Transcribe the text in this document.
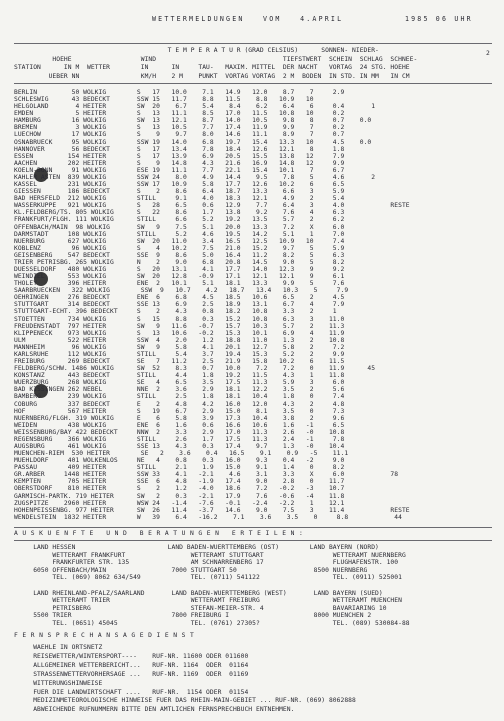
WETTERMELDUNGEN   VOM   4.APRIL          1985 06 UHR
2
T E M P E R A T U R (GRAD CELSIUS)      SONNEN- NIEDER-
HOEHE                  WIND                                 TIEFSTWERT  SCHEIN  SCHLAG  SCHNEE-
STATION      IN M  WETTER        IN      IN     TAU-   MAXIM. MITTEL  DER NACHT   VORTAG  24 STG. HOEHE
UEBER NN                KM/H    2 M    PUNKT  VORTAG VORTAG  2 M  BODEN  IN STD. IN MM   IN CM
BERLIN         50 WOLKIG        S   17   10.0    7.1   14.9   12.0    8.7    7     2.9
SCHLESWIG      43 BEDECKT       SSW 15   11.7    8.8   11.5    8.8   10.9   10
HELGOLAND       4 HEITER        SW  20    6.7    5.4    8.4    6.2    6.4    6     0.4       1
EMDEN           5 HEITER        S   13   11.1    8.5   17.0   11.5   10.8   10     0.2
HAMBURG        16 WOLKIG        SW  13   12.1    8.7   14.0   10.5    9.8    8     0.7    0.0
BREMEN          3 WOLKIG        S   13   10.5    7.7   17.4   11.9    9.9    7     0.2
LUECHOW        17 WOLKIG        S    9    9.7    8.0   14.6   11.1    8.9    7     0.7
OSNABRUECK     95 WOLKIG        SSW 19   14.0    6.8   19.7   15.4   13.3   10     4.5    0.0
HANNOVER       56 BEDECKT       S   17   13.4    7.8   18.4   12.6   12.1    8     1.8
ESSEN         154 HEITER        S   17   13.9    6.9   20.5   15.5   13.8   12     7.9
AACHEN        202 HEITER        S    9   14.8    4.3   21.6   16.9   14.8   12     9.9
KOELN-BONN     91 WOLKIG        ESE 19   11.1    7.7   22.1   15.4   10.1    7     6.7
KAHLER ASTEN  839 WOLKIG        SSW 24    8.0    4.9   14.4    9.5    7.8    5     4.6       2
KASSEL        231 WOLKIG        SSW 17   10.9    5.8   17.7   12.6   10.2    6     6.5
GIESSEN       186 BEDECKT       S    2    8.6    6.4   18.7   13.3    6.6    3     5.9
BAD HERSFELD  212 WOLKIG        STILL     9.1    4.0   18.3   12.1    4.9    2     5.4
WASSERKUPPE   921 WOLKIG        S   28    6.5    0.6   12.9    7.7    6.4    3     4.0            RESTE
KL.FELDBERG/TS. 805 WOLKIG      S   22    8.6    1.7   13.8    9.2    7.6    4     6.3
FRANKFURT/FLGH. 111 WOLKIG      STILL     6.6    5.2   19.2   13.5    5.7    2     6.2
OFFENBACH/MAIN  98 WOLKIG       SW   9    7.5    5.1   20.0   13.3    7.2    X     6.0
DARMSTADT     108 WOLKIG        STILL     5.2    4.6   19.5   14.2    5.1    1     7.0
NUERBURG      627 WOLKIG        SW  20   11.0    3.4   16.5   12.5   10.9   10     7.4
KOBLENZ        96 WOLKIG        S    4   10.2    7.5   21.0   15.2    9.7    5     5.9
GEISENBERG    547 BEDECKT       SSE  9    8.6    5.0   16.4   11.2    8.2    5     6.3
TRIER PETRISBG. 265 WOLKIG      N    2    9.0    6.8   20.8   14.5    9.0    5     8.2
DUESSELDORF   480 WOLKIG        S   20   13.1    4.1   17.7   14.0   12.3    9     9.2
WEINDIEL      553 WOLKIG        SW  20   12.8   -0.9   17.1   12.1   12.1    9     6.1
THOLEY        396 HEITER        ENE  2   10.1    5.1   18.1   13.3    9.9    5     7.6
SAARBRUECKEN   322 WOLKIG        SSW  9   10.7    4.2   18.7   13.4   10.3    5     7.9
OEHRINGEN     276 BEDECKT       ENE  6    6.8    4.5   18.5   10.6    6.5    2     4.5
STUTTGART     314 BEDECKT       SSE 13    6.9    2.5   18.9   13.1    6.7    4     7.9
STUTTGART-ECHT. 396 BEDECKT     S    2    4.3    0.8   18.2   10.8    3.3    2     1
STOETTEN      734 WOLKIG        S   15    8.8    0.3   15.2   10.8    6.3    3    11.0
FREUDENSTADT  797 HEITER        SW   9   11.6   -0.7   15.7   10.3    5.7    2    11.3
KLIPPENECK    973 WOLKIG        S   13   10.6   -0.2   15.3   10.1    6.9    4    11.9
ULM           522 HEITER        SSW  4    2.0    1.2   18.8   11.0    1.3    2    10.8
MANNHEIM       96 WOLKIG        SW   9    5.8    4.1   20.1   12.7    5.8    2     7.2
KARLSRUHE     112 WOLKIG        STILL     5.4    3.7   19.4   15.3    5.2    2     9.9
FREIBURG      269 BEDECKT       SE   7   11.2    2.5   21.9   15.8   10.2    6    11.5
FELDBERG/SCHW. 1486 WOLKIG      SW  52    8.3    0.7   10.0    7.2    7.2    0    11.9      45
KONSTANZ      443 BEDECKT       STILL     4.4    1.8   19.2   11.5    4.3    1    11.8
WUERZBURG     268 WOLKIG        SE   4    6.5    3.5   17.5   11.3    5.9    3     6.0
BAD KISSINGEN 262 NEBEL         NNE  2    3.6    2.9   18.1   12.2    3.5    2     5.6
BAMBERG       239 WOLKIG        STILL     2.5    1.8   18.1   10.4    1.8    0     7.4
COBURG        337 BEDECKT       E    2    4.8    4.2   16.0   12.0    4.3    2     4.8
HOF           567 HEITER        S   19    6.7    2.9   15.0    8.1    3.5    0     7.3
NUERNBERG/FLGH. 319 WOLKIG      E    6    5.8    3.9   17.3   10.4    3.8    2     9.6
WEIDEN        438 WOLKIG        ENE  6    1.6    0.6   16.6   10.6    1.6   -1     6.5
WEISSENBURG/BAY 422 BEDECKT     NNW  2    3.3    2.9   17.0   11.3    2.6   -0    10.8
REGENSBURG    366 WOLKIG        STILL     2.6    1.7   17.5   11.3    2.4   -1     7.8
AUGSBURG      461 WOLKIG        SSE 13    4.3    0.3   17.4    9.7    1.3   -0    10.4
MUENCHEN-RIEM  530 HEITER        SE   2    3.6    0.4   16.5    9.1    0.9   -5    11.1
MUEHLDORF     401 WOLKENLOS     NE   4    0.8    0.3   16.0    9.3    0.4   -2     9.0
PASSAU        409 HEITER        STILL     2.1    1.9   15.0    9.1    1.4    0     8.2
GR.ARBER     1448 HEITER        SSW 33    4.1   -2.1    4.6    3.1    3.3    X     6.0            78
KEMPTEN       705 HEITER        SSE  6    4.8   -1.9   17.4    9.0    2.8    0    11.7
OBERSTDORF    810 HEITER        S    2    1.2   -4.0   18.6    7.2   -0.2   -3    10.7
GARMISCH-PARTK. 719 HEITER      SW   2    0.3   -2.1   17.9    7.6   -0.6   -4    11.8
ZUGSPITZE    2960 HEITER        WSW 24   -1.4   -7.6   -0.1   -2.4   -2.2    1    12.1
HOHENPEISSENBG. 977 HEITER      SW  26   11.4   -3.7   14.6    9.0    7.5    3    11.4            RESTE
WENDELSTEIN  1832 HEITER        W   39    6.4   -16.2    7.1    3.6    3.5    0     8.8            44
A U S K U E N F T E   U N D   B E R A T U N G E N   E R T E I L E N :
LAND HESSEN                        LAND BADEN-WUERTTEMBERG (OST)        LAND BAYERN (NORD)
WETTERAMT FRANKFURT                 WETTERAMT STUTTGART                  WETTERAMT NUERNBERG
FRANKFURTER STR. 135                AM SCHNARRENBERG 17                  FLUGHAFENSTR. 100
6050 OFFENBACH/MAIN                 7000 STUTTGART 50                    8500 NUERNBERG
TEL. (069) 8062 634/549             TEL. (0711) 541122                   TEL. (0911) 525001
LAND RHEINLAND-PFALZ/SAARLAND       LAND BADEN-WUERTTEMBERG (WEST)       LAND BAYERN (SUED)
WETTERAMT TRIER                     WETTERAMT FREIBURG                   WETTERAMT MUENCHEN
PETRISBERG                          STEFAN-MEIER-STR. 4                  BAVARIARING 10
5500 TRIER                          7800 FREIBURG I                      8000 MUENCHEN 2
TEL. (0651) 45045                   TEL. (0761) 27305?                   TEL. (089) 530084-88
F E R N S P R E C H A N S A G E D I E N S T
WAEHLE IN ORTSNETZ
REISEWETTER/WINTERSPORT----    RUF-NR. 11600 ODER 011600
ALLGEMEINER WETTERBERICHT...   RUF-NR. 1164  ODER  01164
STRASSENWETTERVORHERSAGE ...   RUF-NR. 1169  ODER  01169
WITTERUNGSHINWEISE
FUER DIE LANDWIRTSCHAFT ....   RUF-NR.  1154 ODER  01154
MEDIZINMETEOROLOGISCHE HINWEISE FUER DAS RHEIN-MAIN-GEBIET ... RUF-NR. (069) 8062888
ABWEICHENDE RUFNUMMERN BITTE DEN AMTLICHEN FERNSPRECHBUCH ENTNEHMEN.
